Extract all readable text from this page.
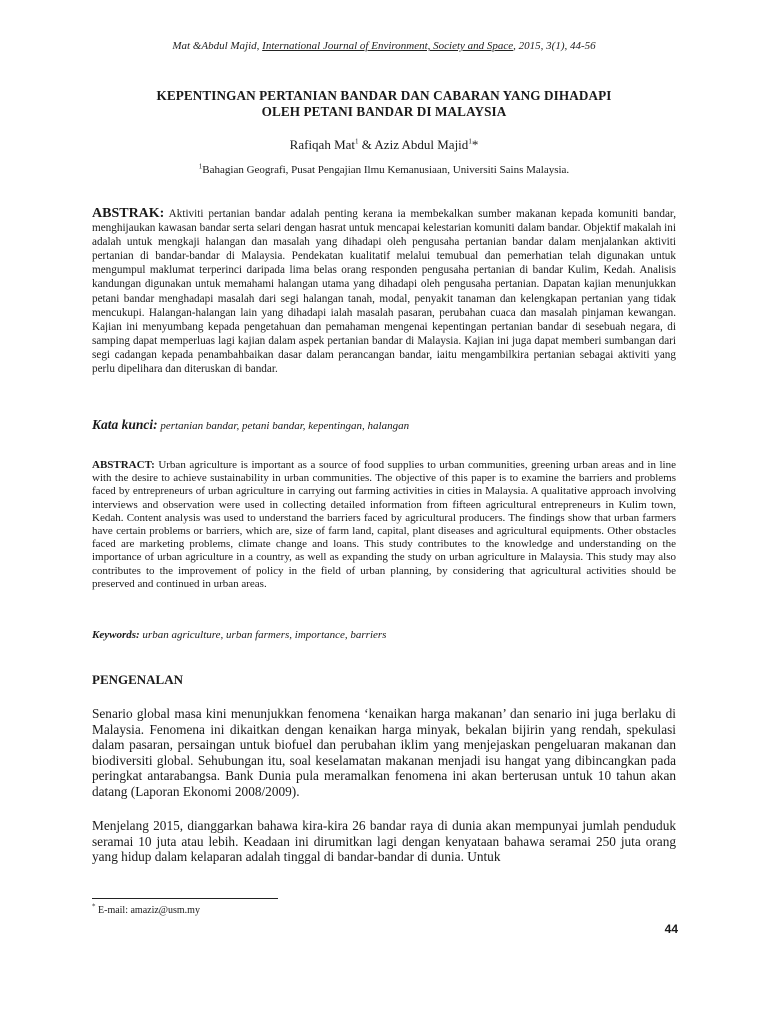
Mat &Abdul Majid, International Journal of Environment, Society and Space, 2015, 3(1), 44-56
KEPENTINGAN PERTANIAN BANDAR DAN CABARAN YANG DIHADAPI
OLEH PETANI BANDAR DI MALAYSIA
Rafiqah Mat$^1$ & Aziz Abdul Majid$^1$*
$^1$Bahagian Geografi, Pusat Pengajian Ilmu Kemanusiaan, Universiti Sains Malaysia.
ABSTRAK: Aktiviti pertanian bandar adalah penting kerana ia membekalkan sumber makanan kepada komuniti bandar, menghijaukan kawasan bandar serta selari dengan hasrat untuk mencapai kelestarian komuniti dalam bandar. Objektif makalah ini adalah untuk mengkaji halangan dan masalah yang dihadapi oleh pengusaha pertanian bandar dalam menjalankan aktiviti pertanian di bandar-bandar di Malaysia. Pendekatan kualitatif melalui temubual dan pemerhatian telah digunakan untuk mengumpul maklumat terperinci daripada lima belas orang responden pengusaha pertanian di bandar Kulim, Kedah. Analisis kandungan digunakan untuk memahami halangan utama yang dihadapi oleh pengusaha pertanian. Dapatan kajian menunjukkan petani bandar menghadapi masalah dari segi halangan tanah, modal, penyakit tanaman dan kelengkapan pertanian yang tidak mencukupi. Halangan-halangan lain yang dihadapi ialah masalah pasaran, perubahan cuaca dan masalah pinjaman kewangan. Kajian ini menyumbang kepada pengetahuan dan pemahaman mengenai kepentingan pertanian bandar di sesebuah negara, di samping dapat memperluas lagi kajian dalam aspek pertanian bandar di Malaysia. Kajian ini juga dapat memberi sumbangan dari segi cadangan kepada penambahbaikan dasar dalam perancangan bandar, iaitu mengambilkira pertanian sebagai aktiviti yang perlu dipelihara dan diteruskan di bandar.
Kata kunci: pertanian bandar, petani bandar, kepentingan, halangan
ABSTRACT: Urban agriculture is important as a source of food supplies to urban communities, greening urban areas and in line with the desire to achieve sustainability in urban communities. The objective of this paper is to examine the barriers and problems faced by entrepreneurs of urban agriculture in carrying out farming activities in cities in Malaysia. A qualitative approach involving interviews and observation were used in collecting detailed information from fifteen agricultural entrepreneurs in Kulim town, Kedah. Content analysis was used to understand the barriers faced by agricultural producers. The findings show that urban farmers have certain problems or barriers, which are, size of farm land, capital, plant diseases and agricultural equipments. Other obstacles faced are marketing problems, climate change and loans. This study contributes to the knowledge and understanding on the importance of urban agriculture in a country, as well as expanding the study on urban agriculture in Malaysia. This study may also contributes to the improvement of policy in the field of urban planning, by considering that agricultural activities should be preserved and continued in urban areas.
Keywords: urban agriculture, urban farmers, importance, barriers
PENGENALAN
Senario global masa kini menunjukkan fenomena ‘kenaikan harga makanan’ dan senario ini juga berlaku di Malaysia. Fenomena ini dikaitkan dengan kenaikan harga minyak, bekalan bijirin yang rendah, spekulasi dalam pasaran, persaingan untuk biofuel dan perubahan iklim yang menjejaskan pengeluaran makanan dan biodiversiti global. Sehubungan itu, soal keselamatan makanan menjadi isu hangat yang dibincangkan pada peringkat antarabangsa. Bank Dunia pula meramalkan fenomena ini akan berterusan untuk 10 tahun akan datang (Laporan Ekonomi 2008/2009).
Menjelang 2015, dianggarkan bahawa kira-kira 26 bandar raya di dunia akan mempunyai jumlah penduduk seramai 10 juta atau lebih. Keadaan ini dirumitkan lagi dengan kenyataan bahawa seramai 250 juta orang yang hidup dalam kelaparan adalah tinggal di bandar-bandar di dunia. Untuk
* E-mail: amaziz@usm.my
44
